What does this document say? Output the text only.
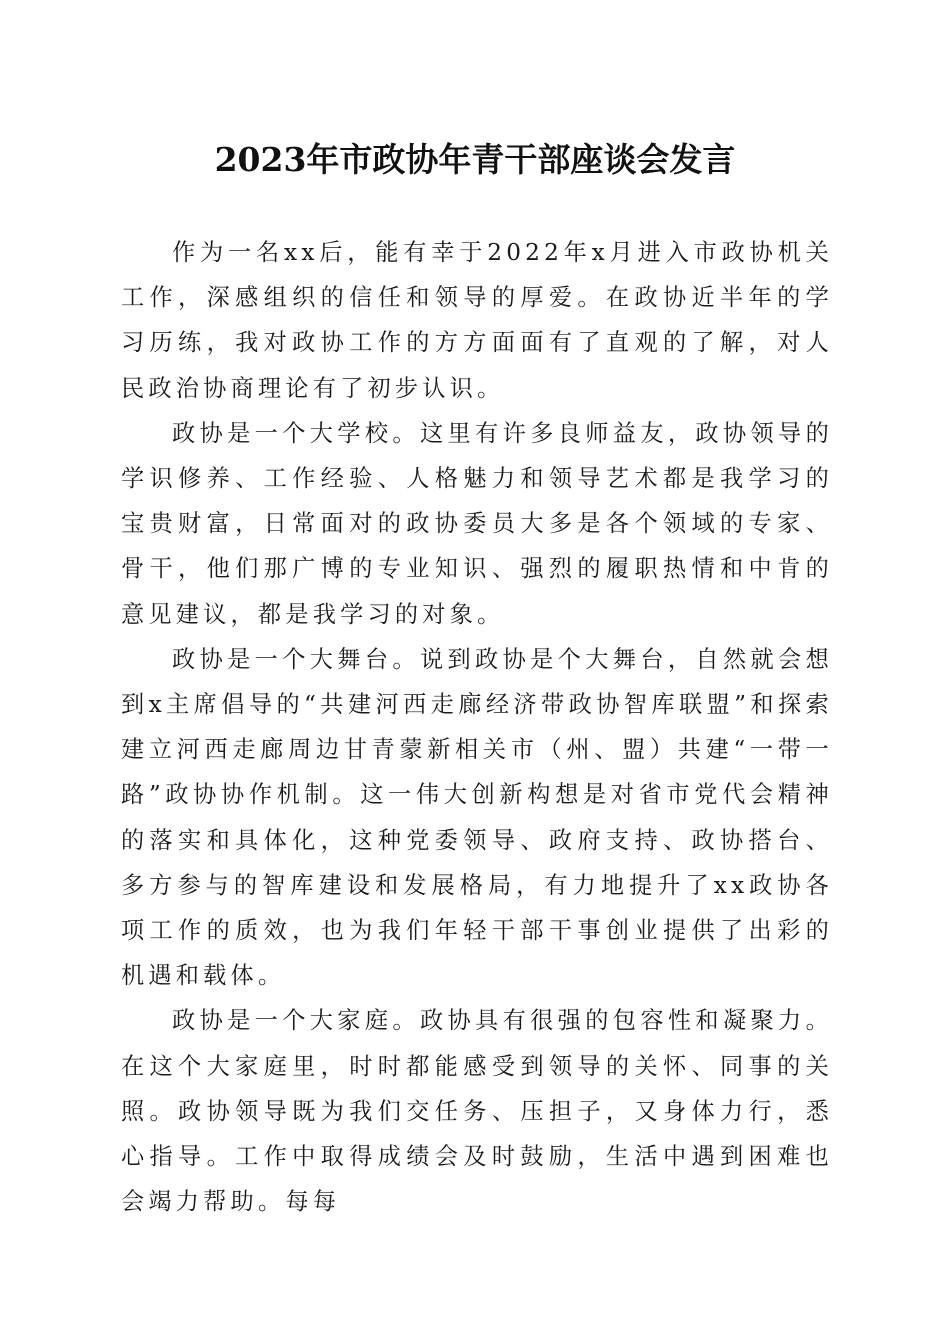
2023年市政协年青干部座谈会发言

作为一名xx后，能有幸于2022年x月进入市政协机关工作，深感组织的信任和领导的厚爱。在政协近半年的学习历练，我对政协工作的方方面面有了直观的了解，对人民政治协商理论有了初步认识。

政协是一个大学校。这里有许多良师益友，政协领导的学识修养、工作经验、人格魅力和领导艺术都是我学习的宝贵财富，日常面对的政协委员大多是各个领域的专家、骨干，他们那广博的专业知识、强烈的履职热情和中肯的意见建议，都是我学习的对象。

政协是一个大舞台。说到政协是个大舞台，自然就会想到x主席倡导的“共建河西走廊经济带政协智库联盟”和探索建立河西走廊周边甘青蒙新相关市（州、盟）共建“一带一路”政协协作机制。这一伟大创新构想是对省市党代会精神的落实和具体化，这种党委领导、政府支持、政协搭台、多方参与的智库建设和发展格局，有力地提升了xx政协各项工作的质效，也为我们年轻干部干事创业提供了出彩的机遇和载体。

政协是一个大家庭。政协具有很强的包容性和凝聚力。在这个大家庭里，时时都能感受到领导的关怀、同事的关照。政协领导既为我们交任务、压担子，又身体力行，悉心指导。工作中取得成绩会及时鼓励，生活中遇到困难也会竭力帮助。每每
